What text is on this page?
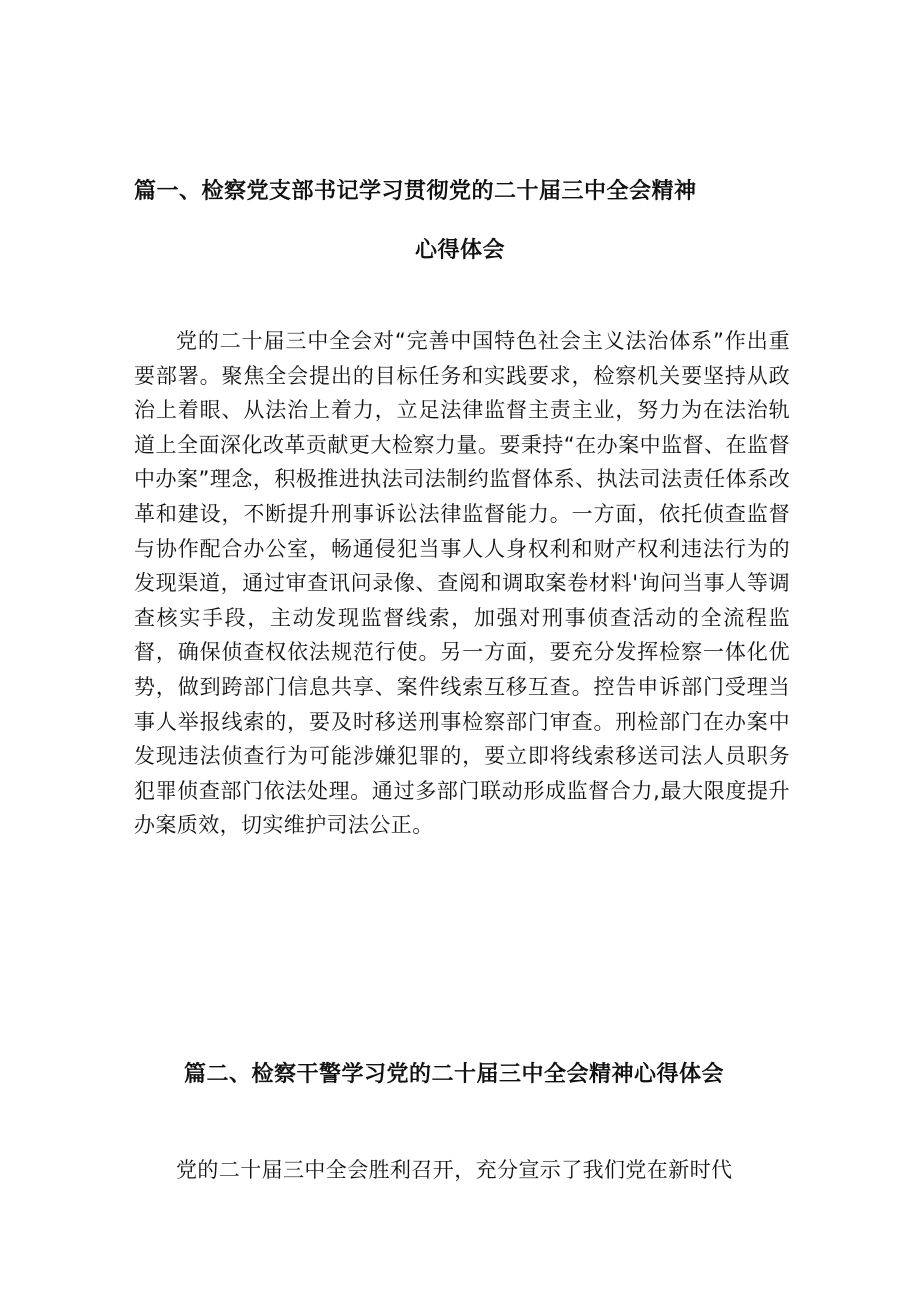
篇一、检察党支部书记学习贯彻党的二十届三中全会精神
心得体会

党的二十届三中全会对“完善中国特色社会主义法治体系”作出重要部署。聚焦全会提出的目标任务和实践要求，检察机关要坚持从政治上着眼、从法治上着力，立足法律监督主责主业，努力为在法治轨道上全面深化改革贡献更大检察力量。要秉持“在办案中监督、在监督中办案”理念，积极推进执法司法制约监督体系、执法司法责任体系改革和建设，不断提升刑事诉讼法律监督能力。一方面，依托侦查监督与协作配合办公室，畅通侵犯当事人人身权利和财产权利违法行为的发现渠道，通过审查讯问录像、查阅和调取案卷材料'询问当事人等调查核实手段，主动发现监督线索，加强对刑事侦查活动的全流程监督，确保侦查权依法规范行使。另一方面，要充分发挥检察一体化优势，做到跨部门信息共享、案件线索互移互查。控告申诉部门受理当事人举报线索的，要及时移送刑事检察部门审查。刑检部门在办案中发现违法侦查行为可能涉嫌犯罪的，要立即将线索移送司法人员职务犯罪侦查部门依法处理。通过多部门联动形成监督合力,最大限度提升办案质效，切实维护司法公正。

篇二、检察干警学习党的二十届三中全会精神心得体会

党的二十届三中全会胜利召开，充分宣示了我们党在新时代
